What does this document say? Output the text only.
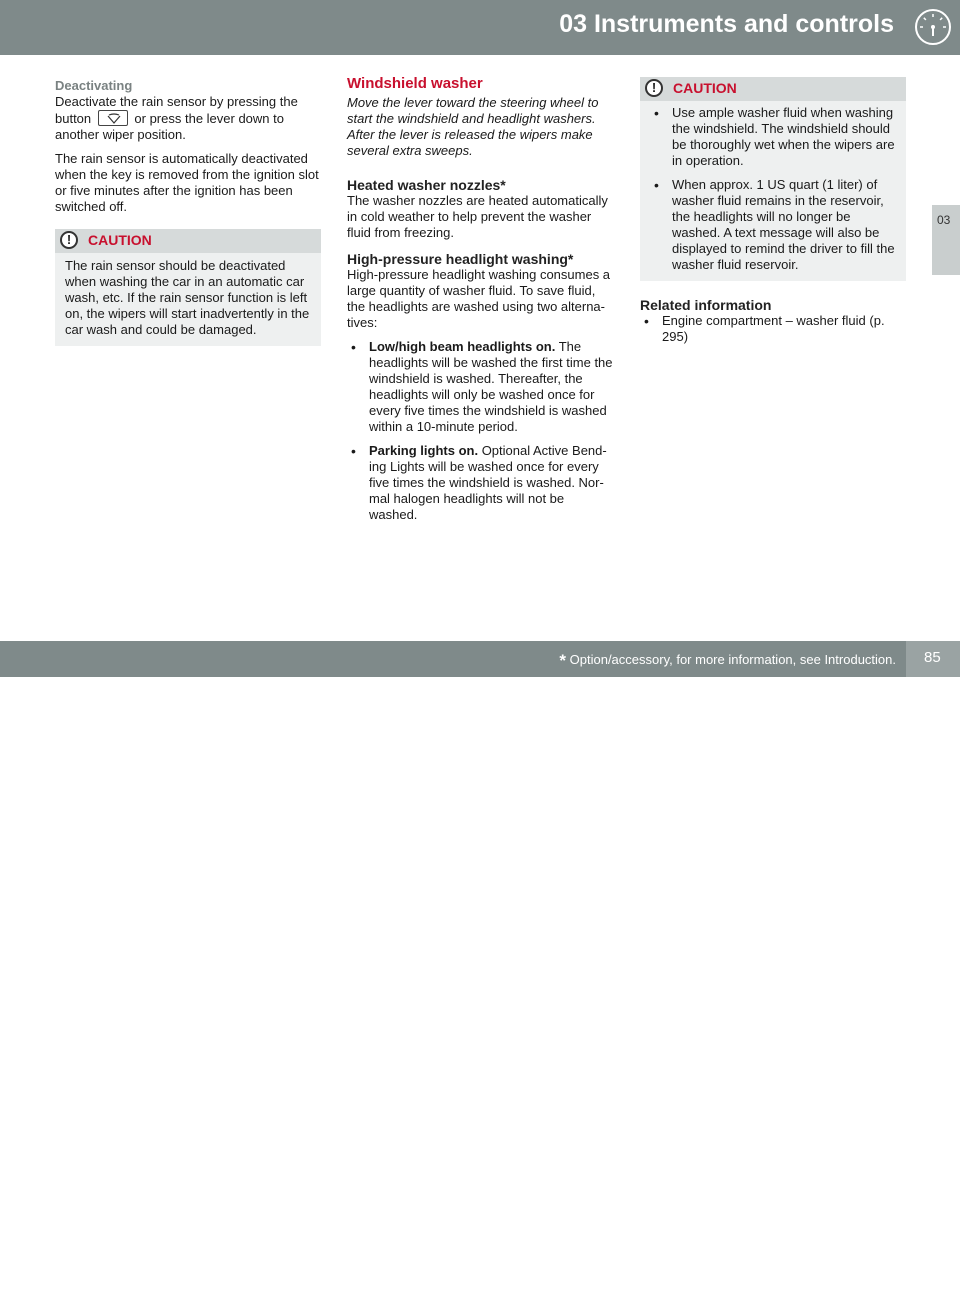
03 Instruments and controls
03
Deactivating
Deactivate the rain sensor by pressing the button	or press the lever down to another wiper position.
The rain sensor is automatically deactivated when the key is removed from the ignition slot or five minutes after the ignition has been switched off.
!	CAUTION
The rain sensor should be deactivated when washing the car in an automatic car wash, etc. If the rain sensor function is left on, the wipers will start inadvertently in the car wash and could be damaged.
Windshield washer
Move the lever toward the steering wheel to start the windshield and headlight washers. After the lever is released the wipers make several extra sweeps.
Heated washer nozzles*
The washer nozzles are heated automatically in cold weather to help prevent the washer fluid from freezing.
High-pressure headlight washing*
High-pressure headlight washing consumes a large quantity of washer fluid. To save fluid, the headlights are washed using two alterna-tives:
• Low/high beam headlights on. The headlights will be washed the first time the windshield is washed. Thereafter, the headlights will only be washed once for every five times the windshield is washed within a 10-minute period.
• Parking lights on. Optional Active Bend-ing Lights will be washed once for every five times the windshield is washed. Nor-mal halogen headlights will not be washed.
!	CAUTION
• Use ample washer fluid when washing the windshield. The windshield should be thoroughly wet when the wipers are in operation.
• When approx. 1 US quart (1 liter) of washer fluid remains in the reservoir, the headlights will no longer be washed. A text message will also be displayed to remind the driver to fill the washer fluid reservoir.
Related information
• Engine compartment – washer fluid (p. 295)
* Option/accessory, for more information, see Introduction.
carmanualsonline.info
85
